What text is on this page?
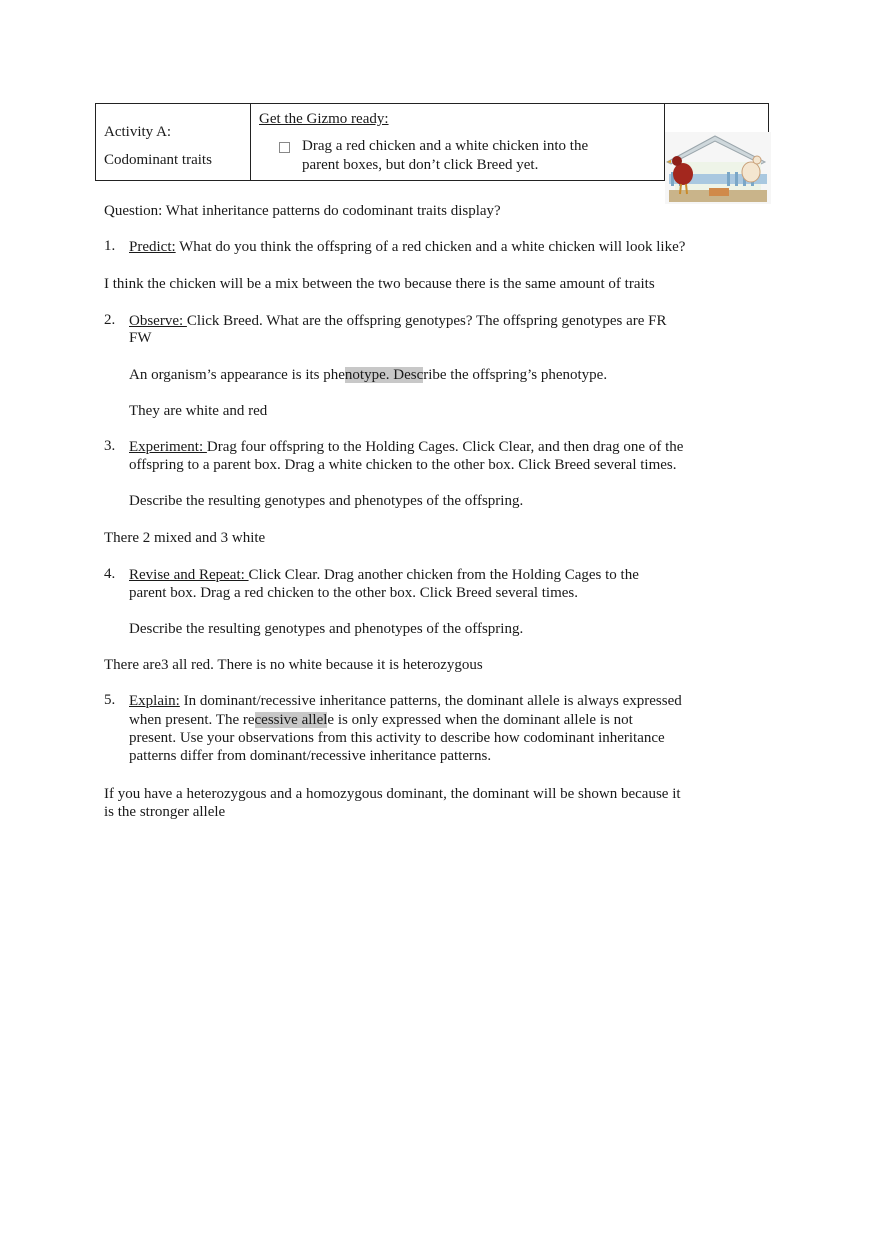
Activity A:
Codominant traits
Get the Gizmo ready:
Drag a red chicken and a white chicken into the
parent boxes, but don’t click Breed yet.
Question: What inheritance patterns do codominant traits display?
1. Predict: What do you think the offspring of a red chicken and a white chicken will look like?
I think the chicken will be a mix between the two because there is the same amount of traits
2. Observe: Click Breed. What are the offspring genotypes? The offspring genotypes are FR
FW
An organism’s appearance is its phenotype. Describe the offspring’s phenotype.
They are white and red
3. Experiment: Drag four offspring to the Holding Cages. Click Clear, and then drag one of the
offspring to a parent box. Drag a white chicken to the other box. Click Breed several times.
Describe the resulting genotypes and phenotypes of the offspring.
There 2 mixed and 3 white
4. Revise and Repeat: Click Clear. Drag another chicken from the Holding Cages to the
parent box. Drag a red chicken to the other box. Click Breed several times.
Describe the resulting genotypes and phenotypes of the offspring.
There are3 all red. There is no white because it is heterozygous
5. Explain: In dominant/recessive inheritance patterns, the dominant allele is always expressed
when present. The recessive allele is only expressed when the dominant allele is not
present. Use your observations from this activity to describe how codominant inheritance
patterns differ from dominant/recessive inheritance patterns.
If you have a heterozygous and a homozygous dominant, the dominant will be shown because it
is the stronger allele
